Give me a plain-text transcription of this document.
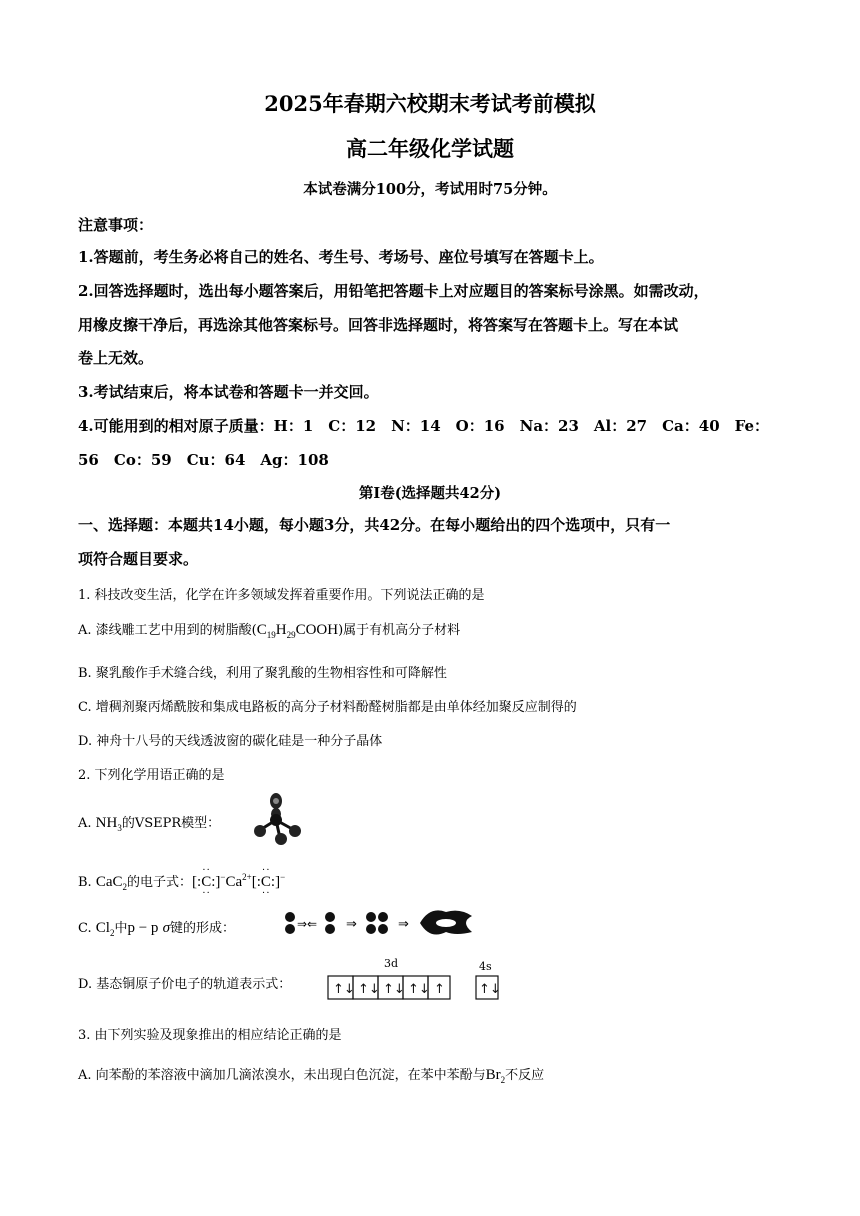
2025年春期六校期末考试考前模拟
高二年级化学试题
本试卷满分100分，考试用时75分钟。
注意事项：
1.答题前，考生务必将自己的姓名、考生号、考场号、座位号填写在答题卡上。
2.回答选择题时，选出每小题答案后，用铅笔把答题卡上对应题目的答案标号涂黑。如需改动，
用橡皮擦干净后，再选涂其他答案标号。回答非选择题时，将答案写在答题卡上。写在本试
卷上无效。
3.考试结束后，将本试卷和答题卡一并交回。
4.可能用到的相对原子质量：H：1　C：12　N：14　O：16　Na：23　Al：27　Ca：40　Fe：
56　Co：59　Cu：64　Ag：108
第Ⅰ卷(选择题共42分)
一、选择题：本题共14小题，每小题3分，共42分。在每小题给出的四个选项中，只有一
项符合题目要求。
1. 科技改变生活，化学在许多领域发挥着重要作用。下列说法正确的是
A. 漆线雕工艺中用到的树脂酸$(C_{19}H_{29}COOH)$属于有机高分子材料
B. 聚乳酸作手术缝合线，利用了聚乳酸的生物相容性和可降解性
C. 增稠剂聚丙烯酰胺和集成电路板的高分子材料酚醛树脂都是由单体经加聚反应制得的
D. 神舟十八号的天线透波窗的碳化硅是一种分子晶体
2. 下列化学用语正确的是
A. $NH_3$的VSEPR模型：
B. CaC$_2$的电子式：[:
··
C
··
$:]^-Ca^{2+}$[:
··
C
··
:]−
C. $Cl_2$中p − p σ键的形成：	⇒⇐ ⇒	⇒
D. 基态铜原子价电子的轨道表示式：
3d	4s
↑↓ ↑↓ ↑↓ ↑↓ ↑	↑↓
3. 由下列实验及现象推出的相应结论正确的是
A. 向苯酚的苯溶液中滴加几滴浓溴水，未出现白色沉淀，在苯中苯酚与$Br_2$不反应
